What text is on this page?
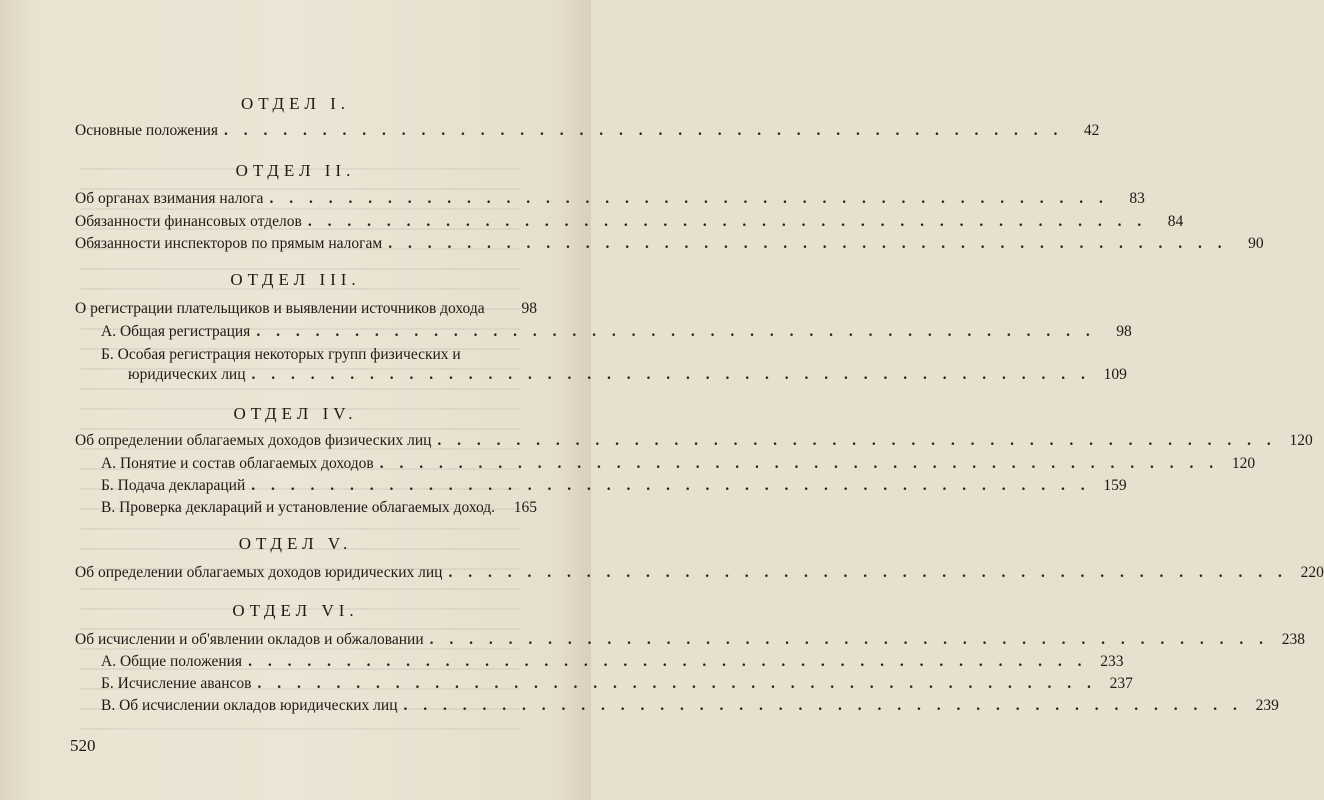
ОТДЕЛ I.
Основные положения . . . . . . . . . . . . . . . . . . . . . . . . . . . . . . . . . . . . . . . . . . .	42
ОТДЕЛ II.
Об органах взимания налога . . . . . . . . . . . . . . . . . . . . . . . . . . . . . . . . . . . . . . . . . . .	83
Обязанности финансовых отделов . . . . . . . . . . . . . . . . . . . . . . . . . . . . . . . . . . . . . . . . . . .	84
Обязанности инспекторов по прямым налогам . . . . . . . . . . . . . . . . . . . . . . . . . . . . . . . . . . . . . . . . . . .	90
ОТДЕЛ III.
О регистрации плательщиков и выявлении источников дохода	98
А. Общая регистрация . . . . . . . . . . . . . . . . . . . . . . . . . . . . . . . . . . . . . . . . . . .	98
Б. Особая регистрация некоторых групп физических и
юридических лиц . . . . . . . . . . . . . . . . . . . . . . . . . . . . . . . . . . . . . . . . . . . 109
ОТДЕЛ IV.
Об определении облагаемых доходов физических лиц . . . . . . . . . . . . . . . . . . . . . . . . . . . . . . . . . . . . . . . . . . . 120
А. Понятие и состав облагаемых доходов . . . . . . . . . . . . . . . . . . . . . . . . . . . . . . . . . . . . . . . . . . . 120
Б. Подача деклараций . . . . . . . . . . . . . . . . . . . . . . . . . . . . . . . . . . . . . . . . . . . 159
В. Проверка деклараций и установление облагаемых доход.	165
ОТДЕЛ V.
Об определении облагаемых доходов юридических лиц . . . . . . . . . . . . . . . . . . . . . . . . . . . . . . . . . . . . . . . . . . . 220
ОТДЕЛ VI.
Об исчислении и об'явлении окладов и обжаловании . . . . . . . . . . . . . . . . . . . . . . . . . . . . . . . . . . . . . . . . . . . 238
А. Общие положения . . . . . . . . . . . . . . . . . . . . . . . . . . . . . . . . . . . . . . . . . . . 233
Б. Исчисление авансов . . . . . . . . . . . . . . . . . . . . . . . . . . . . . . . . . . . . . . . . . . . 237
В. Об исчислении окладов юридических лиц . . . . . . . . . . . . . . . . . . . . . . . . . . . . . . . . . . . . . . . . . . . 239
520
